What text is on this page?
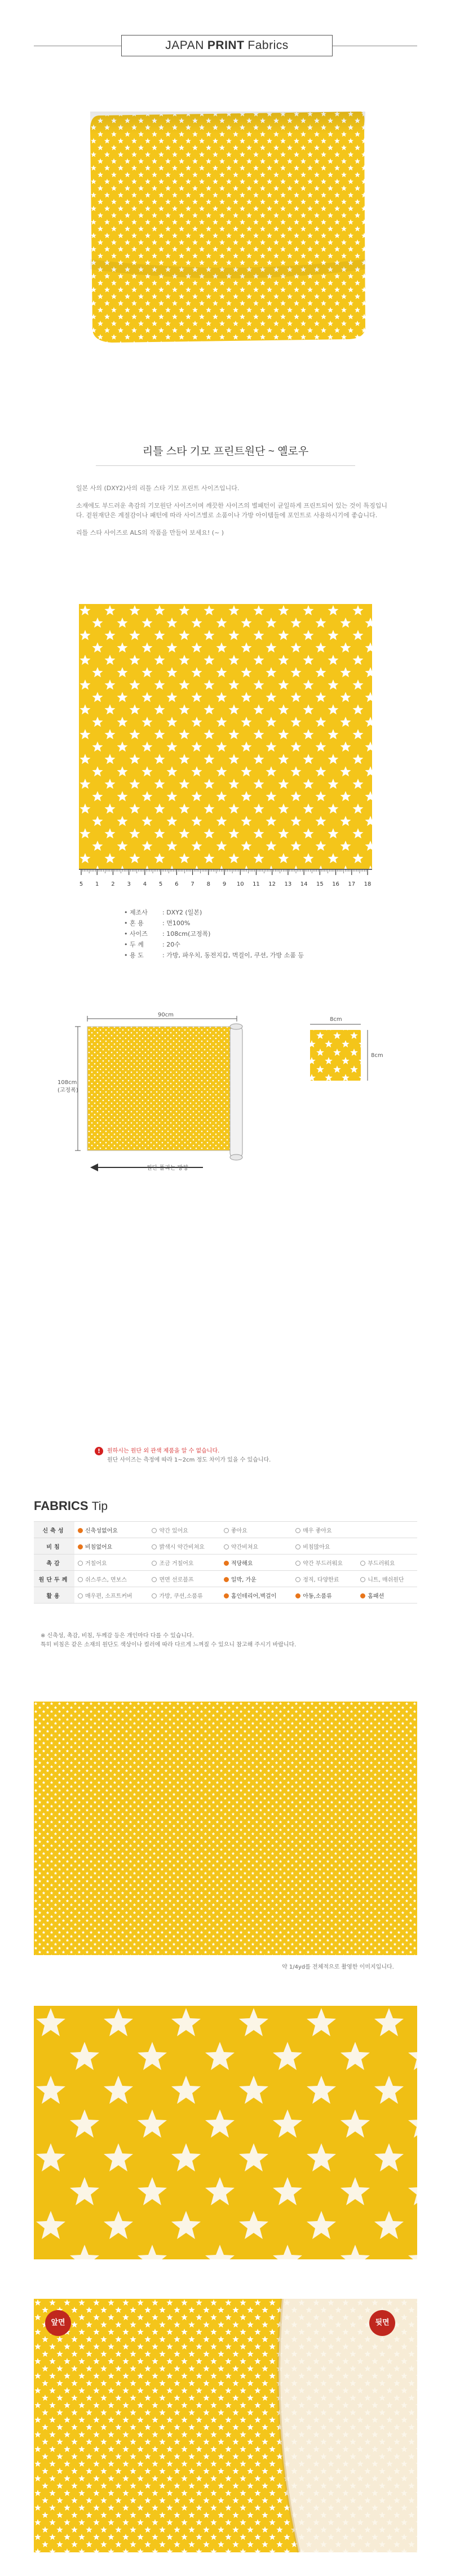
JAPAN PRINT Fabrics
리틀 스타 기모 프린트원단 ~ 옐로우

일본 사의 (DXY2)사의 리틀 스타 기모 프린트 사이즈입니다.

소재에도 부드러운 촉감의 기모원단 사이즈이며 깨끗한 사이즈의 별패턴이 균일하게 프린트되어 있는 것이 특징입니다. 겉원재단은 계절감이나 패턴에 따라 사이즈별로 소품이나 가방 아이템들에 포인트로 사용하시기에 좋습니다.

리틀 스타 사이즈로 ALS의 작품을 만들어 보세요! (~ )

5 1 2 3 4 5 6 7 8 9 10 11 12 13 14 15 16 17 18
• 제조사	: DXY2 (일본)
• 혼 용	: 면100%
• 사이즈	: 108cm(고정폭)
• 두 께	: 20수
• 용 도	: 가방, 파우치, 동전지갑, 벽걸이, 쿠션, 가방 소품 등
90cm
108cm
(고정폭)
원단 풀리는 방향
8cm
8cm
!	원하시는 원단 외 관색 제품을 알 수 없습니다.
원단 사이즈는 측정에 따라 1~2cm 정도 차이가 있을 수 있습니다.
FABRICS Tip
신축성	신축성없어요	약간 있어요	좋아요	매우 좋아요	
비침	비침없어요	밝색시 약간비쳐요	약간비쳐요	비침많아요	
촉감	거칠어요	조금 거칠어요	적당해요	약간 부드러워요	부드러워요
원단두께	쉬스루스, 면보스	면면 선로블프	일박, 가운	정직, 다양한료	니트, 매쉬원단
활용	매우편, 소프트커버	가방, 쿠션,소품류	홈인테리어,벽걸이	아동,소품류	홈패션
※ 신축성, 촉감, 비침, 두께감 등은 개인마다 다를 수 있습니다.
특히 비침은 같은 소재의 원단도 색상이나 컬러에 따라 다르게 느껴질 수 있으니 참고해 주시기 바랍니다.
약 1/4yd를 전체적으로 촬영한 이미지입니다.
앞면	뒷면
